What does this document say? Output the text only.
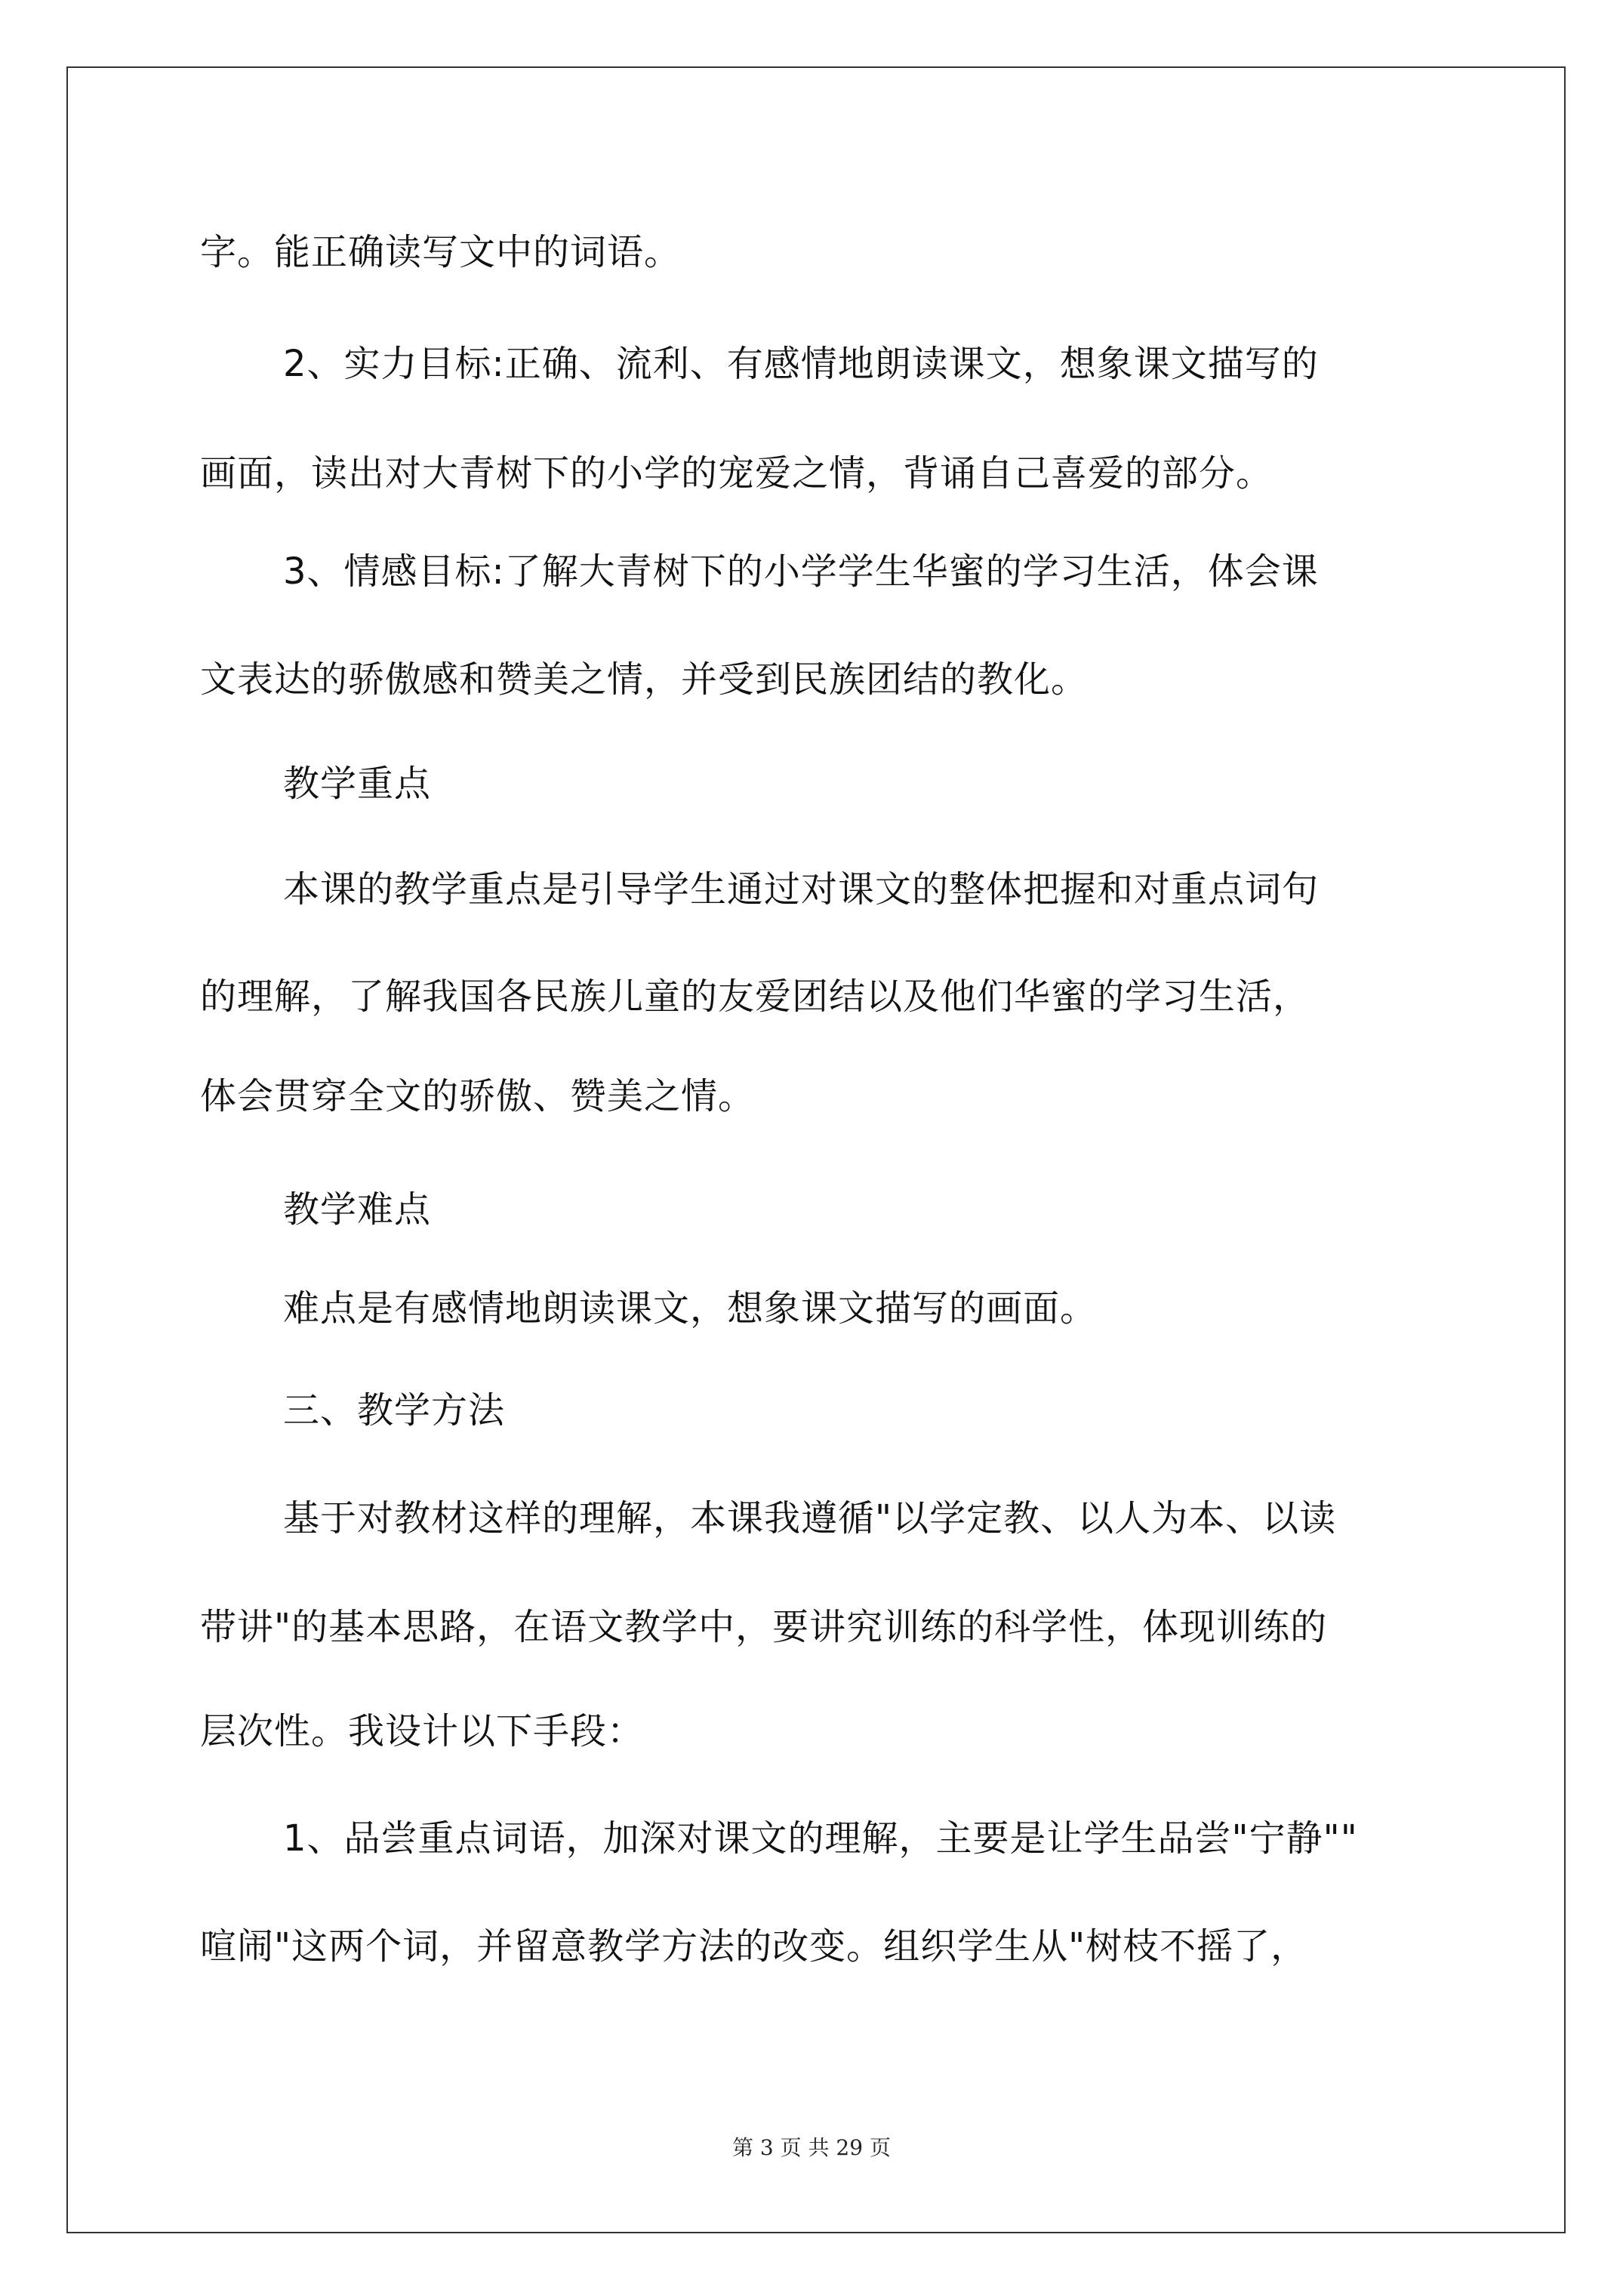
字。能正确读写文中的词语。
2、实力目标:正确、流利、有感情地朗读课文，想象课文描写的
画面，读出对大青树下的小学的宠爱之情，背诵自己喜爱的部分。
3、情感目标:了解大青树下的小学学生华蜜的学习生活，体会课
文表达的骄傲感和赞美之情，并受到民族团结的教化。
教学重点
本课的教学重点是引导学生通过对课文的整体把握和对重点词句
的理解，了解我国各民族儿童的友爱团结以及他们华蜜的学习生活，
体会贯穿全文的骄傲、赞美之情。
教学难点
难点是有感情地朗读课文，想象课文描写的画面。
三、教学方法
基于对教材这样的理解，本课我遵循"以学定教、以人为本、以读
带讲"的基本思路，在语文教学中，要讲究训练的科学性，体现训练的
层次性。我设计以下手段：
1、品尝重点词语，加深对课文的理解，主要是让学生品尝"宁静""
喧闹"这两个词，并留意教学方法的改变。组织学生从"树枝不摇了，
第 3 页 共 29 页
